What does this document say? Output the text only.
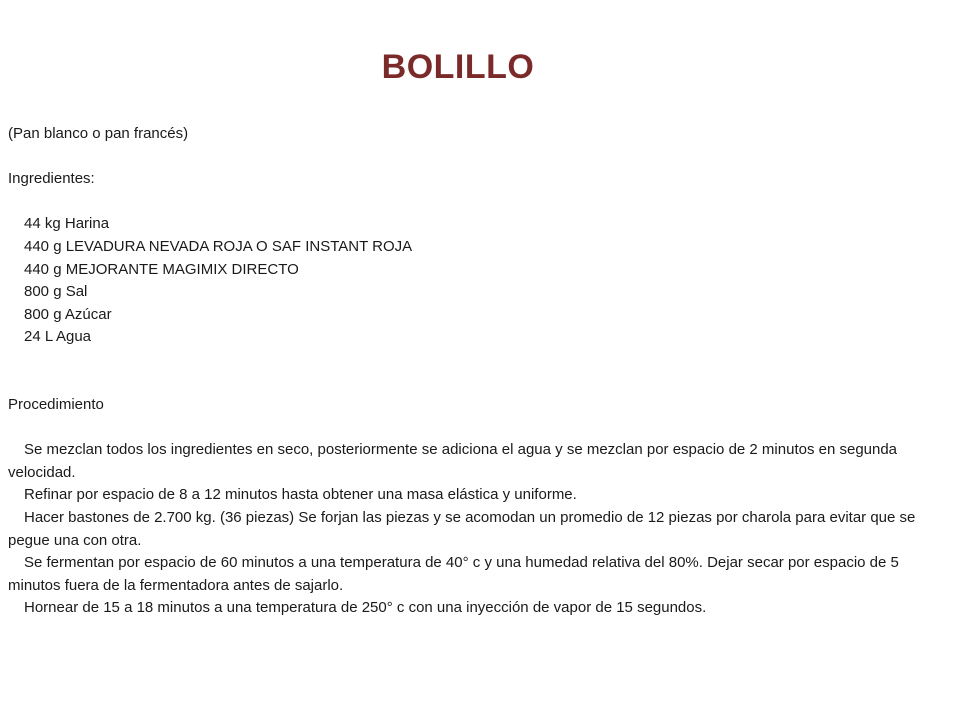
BOLILLO
(Pan blanco o pan francés)
Ingredientes:
44 kg Harina
440 g LEVADURA NEVADA ROJA O SAF INSTANT ROJA
440 g MEJORANTE MAGIMIX DIRECTO
800 g Sal
800 g Azúcar
24 L Agua
Procedimiento
Se mezclan todos los ingredientes en seco, posteriormente se adiciona el agua y se mezclan por espacio de 2 minutos en segunda velocidad.
Refinar por espacio de 8 a 12 minutos hasta obtener una masa elástica y uniforme.
Hacer bastones de 2.700 kg. (36 piezas) Se forjan las piezas y se acomodan un promedio de 12 piezas por charola para evitar que se pegue una con otra.
Se fermentan por espacio de 60 minutos a una temperatura de 40° c y una humedad relativa del 80%. Dejar secar por espacio de 5 minutos fuera de la fermentadora antes de sajarlo.
Hornear de 15 a 18 minutos a una temperatura de 250° c con una inyección de vapor de 15 segundos.
